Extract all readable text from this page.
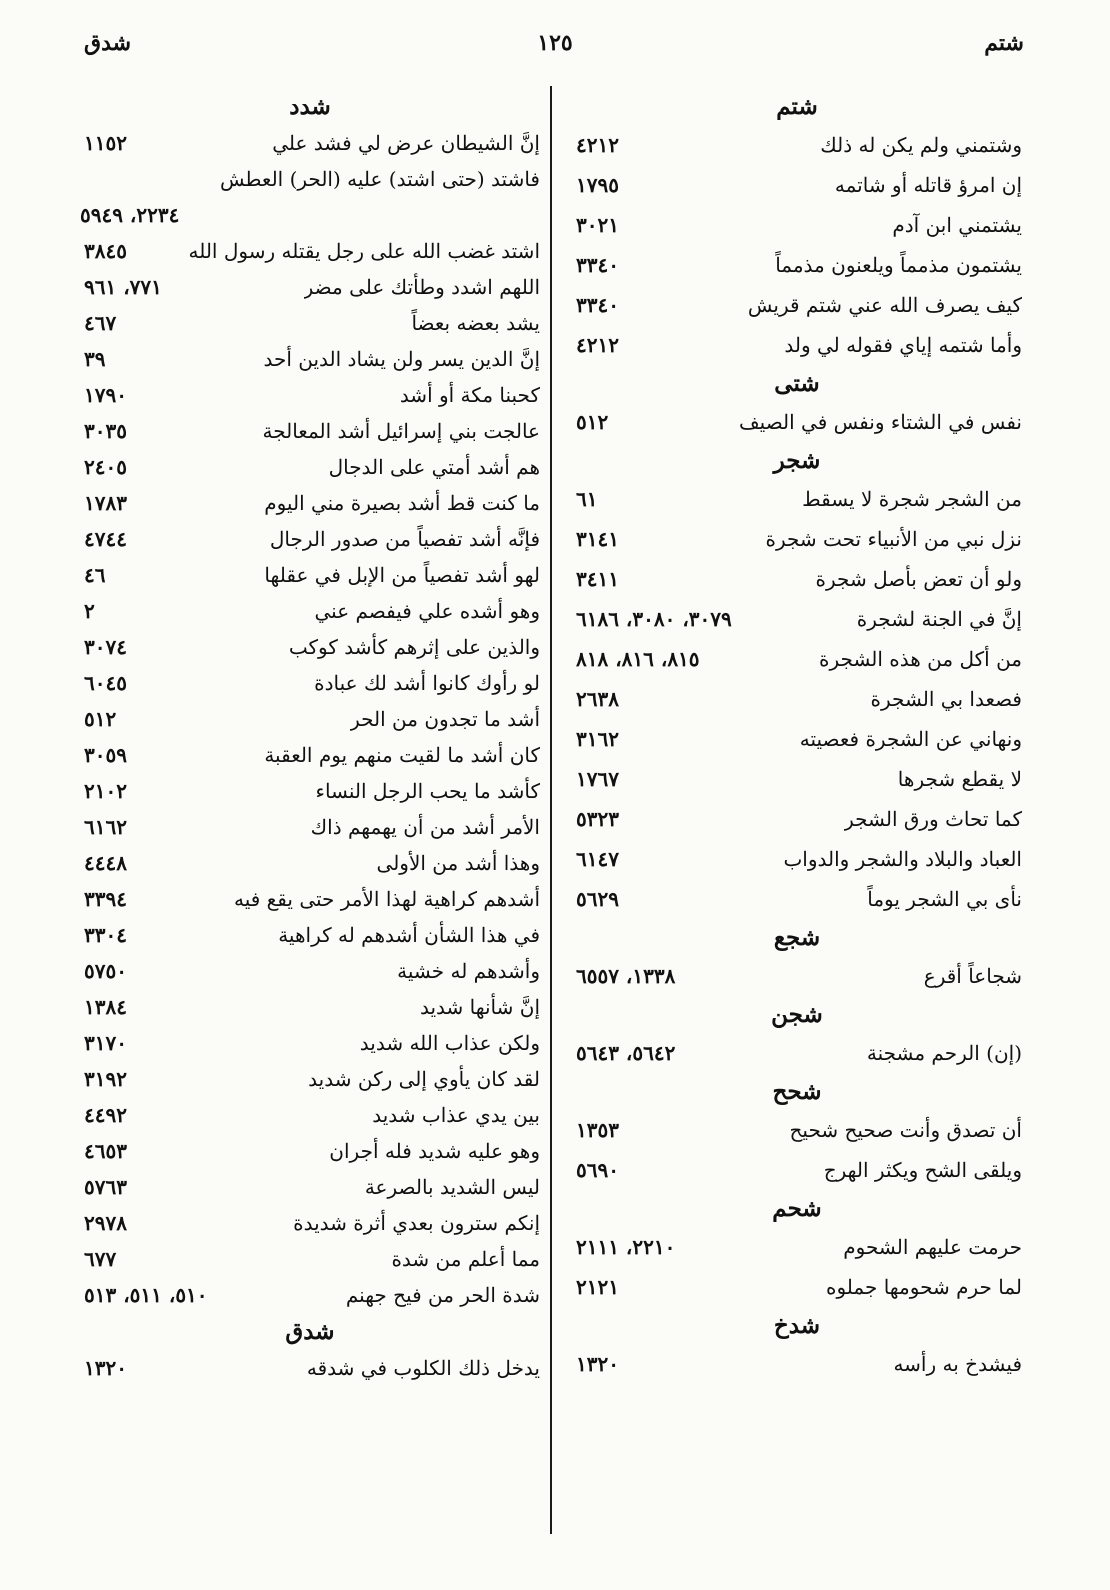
شتم
١٢٥
شدق
شتم
وشتمني ولم يكن له ذلك
٤٢١٢
إن امرؤ قاتله أو شاتمه
١٧٩٥
يشتمني ابن آدم
٣٠٢١
يشتمون مذمماً ويلعنون مذمماً
٣٣٤٠
كيف يصرف الله عني شتم قريش
٣٣٤٠
وأما شتمه إياي فقوله لي ولد
٤٢١٢
شتى
نفس في الشتاء ونفس في الصيف
٥١٢
شجر
من الشجر شجرة لا يسقط
٦١
نزل نبي من الأنبياء تحت شجرة
٣١٤١
ولو أن تعض بأصل شجرة
٣٤١١
إنَّ في الجنة لشجرة
٣٠٧٩، ٣٠٨٠، ٦١٨٦
من أكل من هذه الشجرة
٨١٥، ٨١٦، ٨١٨
فصعدا بي الشجرة
٢٦٣٨
ونهاني عن الشجرة فعصيته
٣١٦٢
لا يقطع شجرها
١٧٦٧
كما تحاث ورق الشجر
٥٣٢٣
العباد والبلاد والشجر والدواب
٦١٤٧
نأى بي الشجر يوماً
٥٦٢٩
شجع
شجاعاً أقرع
١٣٣٨، ٦٥٥٧
شجن
(إن) الرحم مشجنة
٥٦٤٢، ٥٦٤٣
شحح
أن تصدق وأنت صحيح شحيح
١٣٥٣
ويلقى الشح ويكثر الهرج
٥٦٩٠
شحم
حرمت عليهم الشحوم
٢٢١٠، ٢١١١
لما حرم شحومها جملوه
٢١٢١
شدخ
فيشدخ به رأسه
١٣٢٠
شدد
إنَّ الشيطان عرض لي فشد علي
١١٥٢
فاشتد (حتى اشتد) عليه (الحر) العطش
٢٢٣٤، ٥٩٤٩
اشتد غضب الله على رجل يقتله رسول الله
٣٨٤٥
اللهم اشدد وطأتك على مضر
٧٧١، ٩٦١
يشد بعضه بعضاً
٤٦٧
إنَّ الدين يسر ولن يشاد الدين أحد
٣٩
كحبنا مكة أو أشد
١٧٩٠
عالجت بني إسرائيل أشد المعالجة
٣٠٣٥
هم أشد أمتي على الدجال
٢٤٠٥
ما كنت قط أشد بصيرة مني اليوم
١٧٨٣
فإنَّه أشد تفصياً من صدور الرجال
٤٧٤٤
لهو أشد تفصياً من الإبل في عقلها
٤٦
وهو أشده علي فيفصم عني
٢
والذين على إثرهم كأشد كوكب
٣٠٧٤
لو رأوك كانوا أشد لك عبادة
٦٠٤٥
أشد ما تجدون من الحر
٥١٢
كان أشد ما لقيت منهم يوم العقبة
٣٠٥٩
كأشد ما يحب الرجل النساء
٢١٠٢
الأمر أشد من أن يهمهم ذاك
٦١٦٢
وهذا أشد من الأولى
٤٤٤٨
أشدهم كراهية لهذا الأمر حتى يقع فيه
٣٣٩٤
في هذا الشأن أشدهم له كراهية
٣٣٠٤
وأشدهم له خشية
٥٧٥٠
إنَّ شأنها شديد
١٣٨٤
ولكن عذاب الله شديد
٣١٧٠
لقد كان يأوي إلى ركن شديد
٣١٩٢
بين يدي عذاب شديد
٤٤٩٢
وهو عليه شديد فله أجران
٤٦٥٣
ليس الشديد بالصرعة
٥٧٦٣
إنكم سترون بعدي أثرة شديدة
٢٩٧٨
مما أعلم من شدة
٦٧٧
شدة الحر من فيح جهنم
٥١٠، ٥١١، ٥١٣
شدق
يدخل ذلك الكلوب في شدقه
١٣٢٠
